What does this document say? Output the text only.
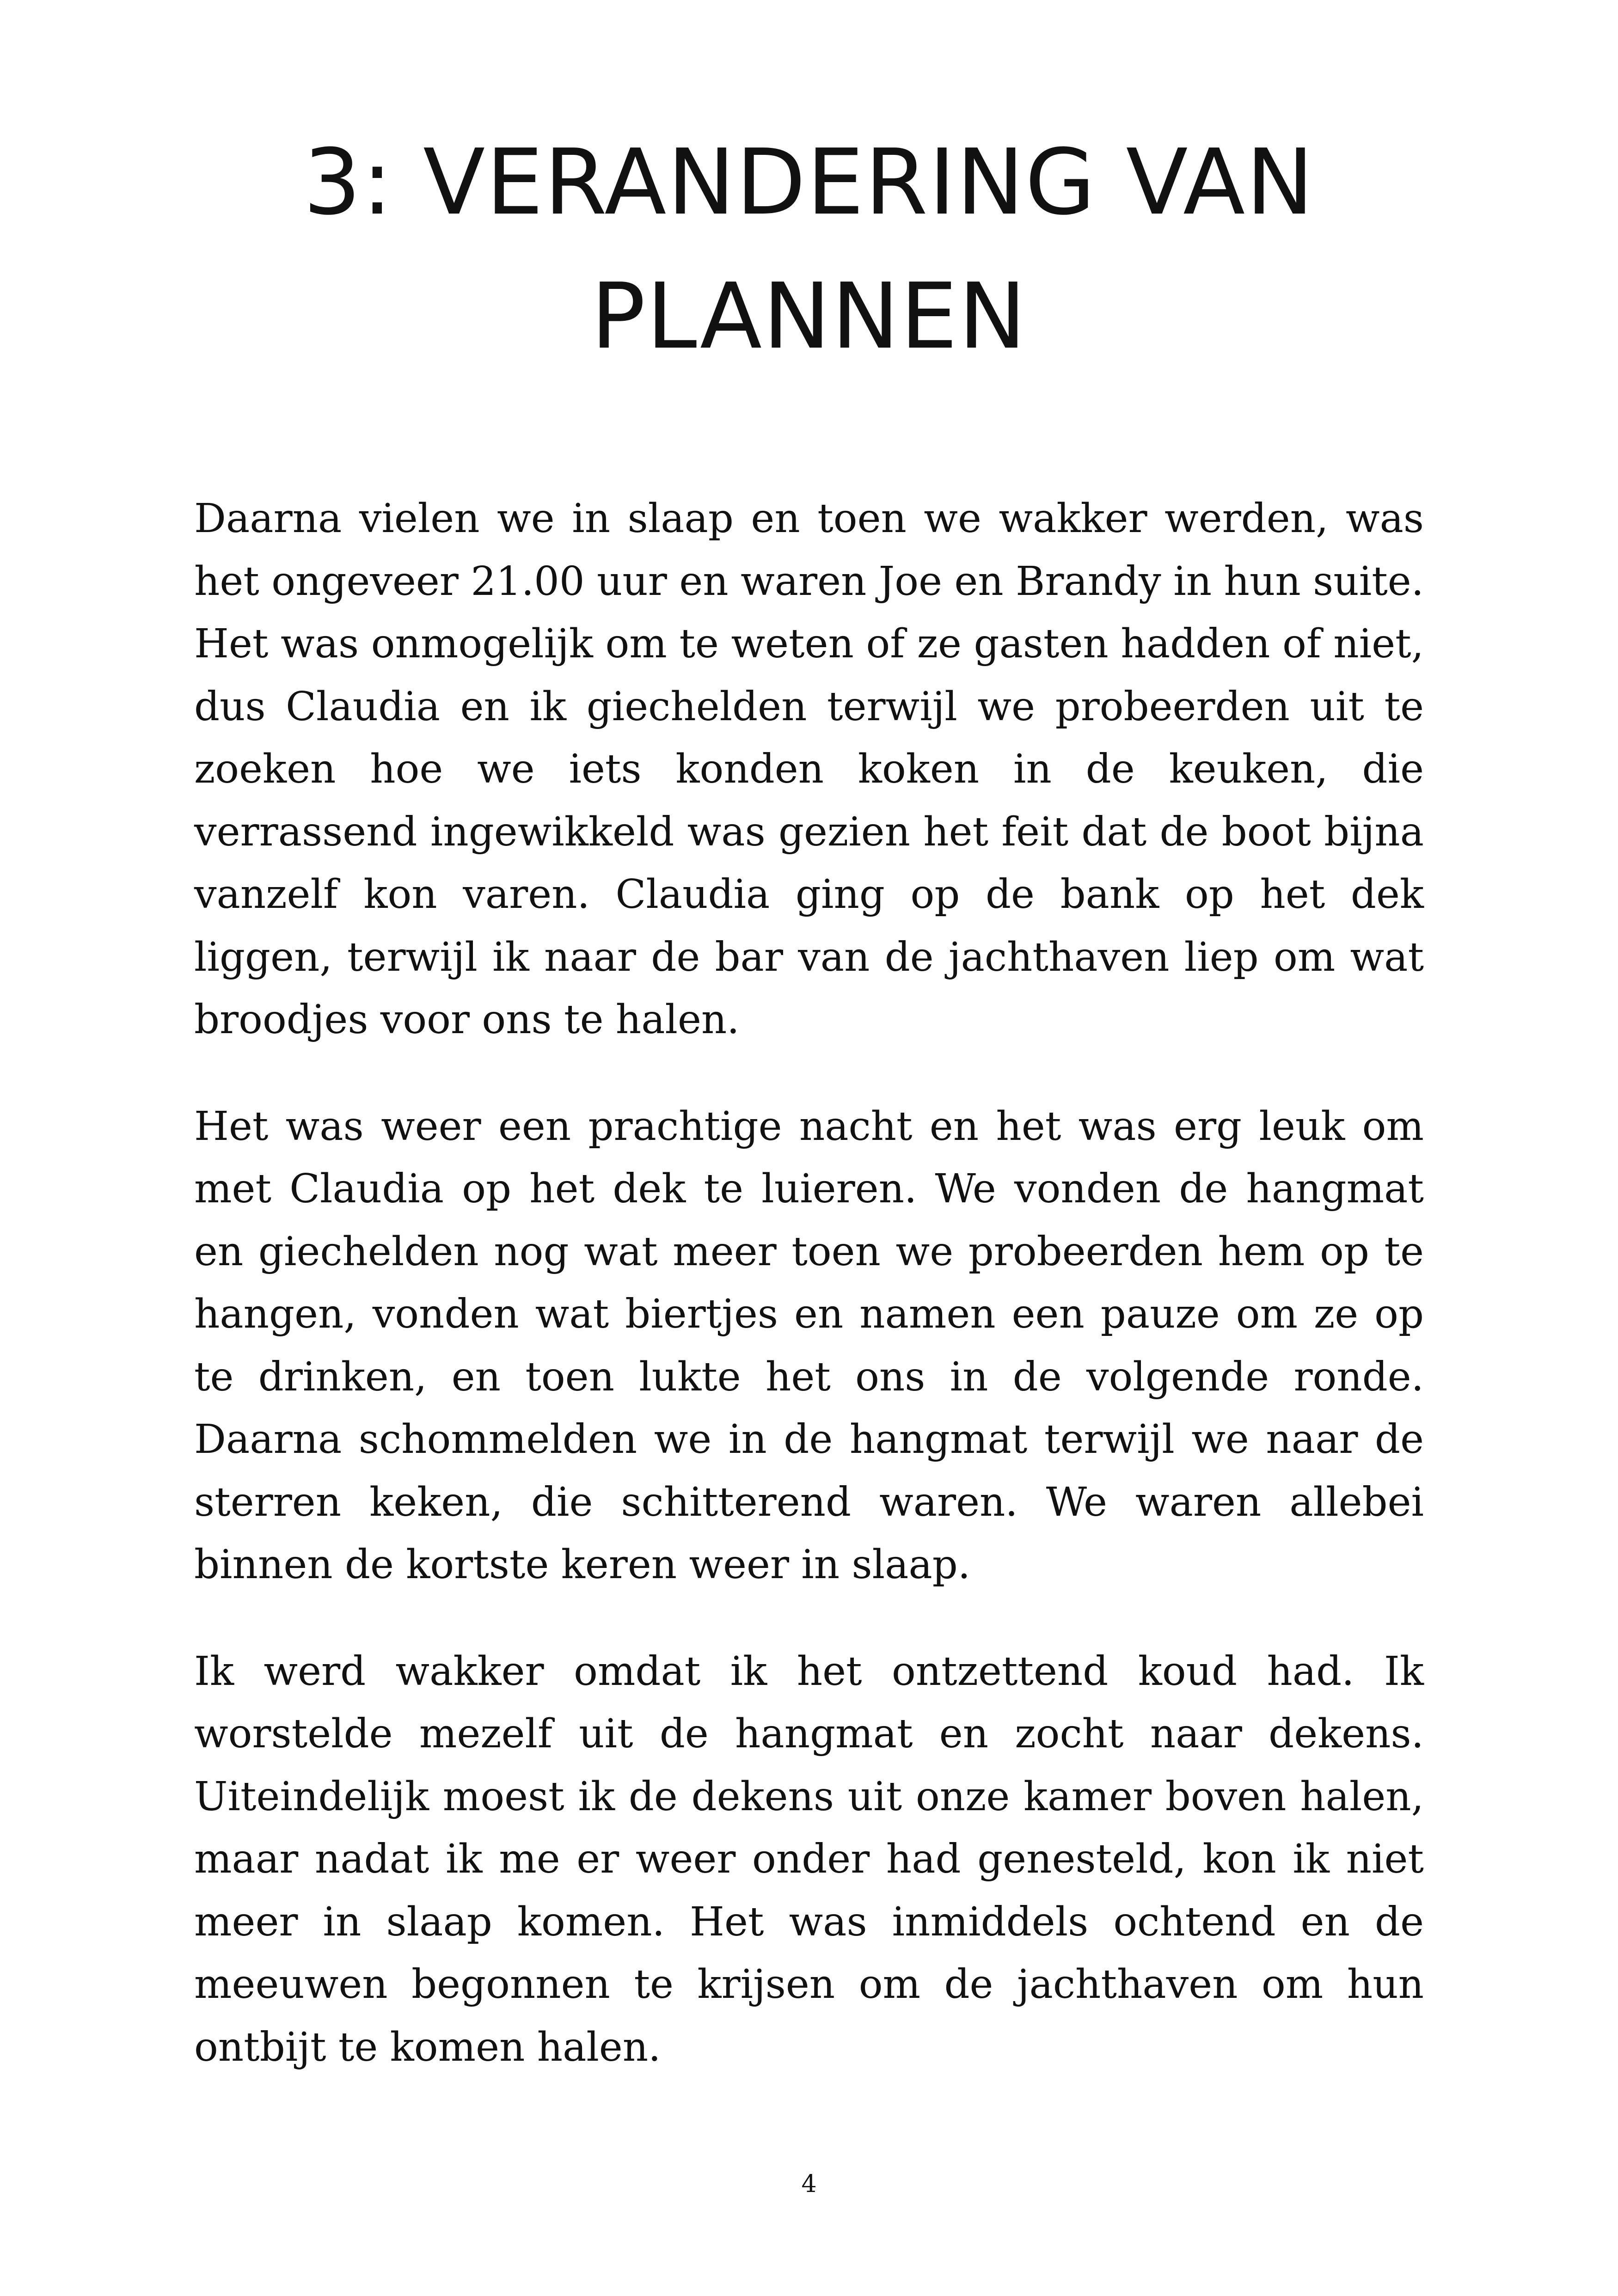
3: VERANDERING VAN
PLANNEN

Daarna vielen we in slaap en toen we wakker werden, was het ongeveer 21.00 uur en waren Joe en Brandy in hun suite. Het was onmogelijk om te weten of ze gasten hadden of niet, dus Claudia en ik giechelden terwijl we probeerden uit te zoeken hoe we iets konden koken in de keuken, die verrassend ingewikkeld was gezien het feit dat de boot bijna vanzelf kon varen. Claudia ging op de bank op het dek liggen, terwijl ik naar de bar van de jachthaven liep om wat broodjes voor ons te halen.

Het was weer een prachtige nacht en het was erg leuk om met Claudia op het dek te luieren. We vonden de hangmat en giechelden nog wat meer toen we probeerden hem op te hangen, vonden wat biertjes en namen een pauze om ze op te drinken, en toen lukte het ons in de volgende ronde. Daarna schommelden we in de hangmat terwijl we naar de sterren keken, die schitterend waren. We waren allebei binnen de kortste keren weer in slaap.

Ik werd wakker omdat ik het ontzettend koud had. Ik worstelde mezelf uit de hangmat en zocht naar dekens. Uiteindelijk moest ik de dekens uit onze kamer boven halen, maar nadat ik me er weer onder had genesteld, kon ik niet meer in slaap komen. Het was inmiddels ochtend en de meeuwen begonnen te krijsen om de jachthaven om hun ontbijt te komen halen.

4
